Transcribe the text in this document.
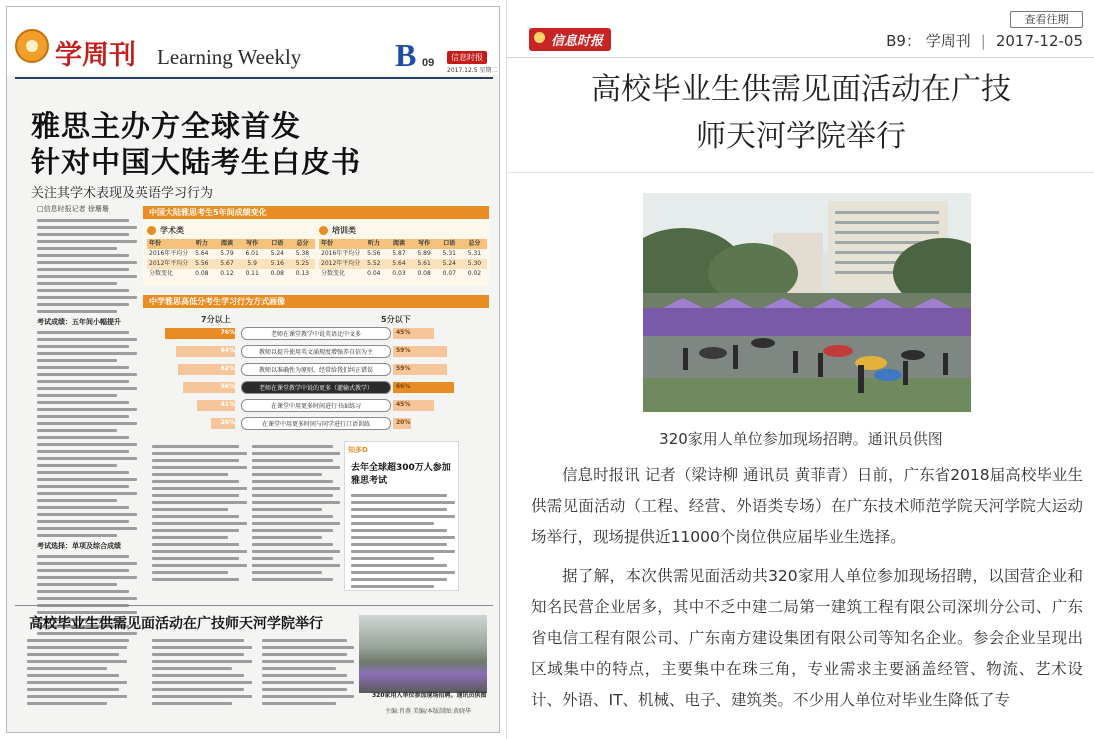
学周刊 Learning Weekly	B 09	信息时报
2017.12.5 星期二
雅思主办方全球首发
针对中国大陆考生白皮书
关注其学术表现及英语学习行为
□信息时报记者 徐珊珊
考试成绩：五年间小幅提升
考试选择：单项及综合成绩
中国大陆雅思考生5年间成绩变化
学术类
年份	听力	阅读	写作	口语	总分
2016年平均分	5.64	5.79	6.01	5.24	5.38
2012年平均分	5.56	5.67	5.9	5.16	5.25
分数变化	0.08	0.12	0.11	0.08	0.13
培训类
年份	听力	阅读	写作	口语	总分
2016年平均分	5.56	5.87	5.89	5.31	5.31
2012年平均分	5.52	5.64	5.61	5.24	5.30
分数变化	0.04	0.03	0.08	0.07	0.02
中学雅思高低分考生学习行为方式画像
7分以上	5分以下
76%	老师在课堂教学中说英语比中文多	45%
64%	教师以提升使用英文涌现度增强养自信为主	59%
62%	教师以准确性为原则，经常给我们纠正错误	59%
56%	老师在课堂教学中说的更多（灌输式教学）	66%
41%	在课堂中用更多时间进行书面练习	45%
26%	在课堂中用更多时间与同学进行口语训练	20%
知多D
去年全球超300万人参加雅思考试
高校毕业生供需见面活动在广技师天河学院举行
320家用人单位参加现场招聘。通讯员供图
主编:肖燕 美编/本版制图:黄晓华
信息时报
查看往期
B9： 学周刊 | 2017-12-05
高校毕业生供需见面活动在广技
师天河学院举行
320家用人单位参加现场招聘。通讯员供图

信息时报讯 记者（梁诗柳 通讯员 黄菲青）日前，广东省2018届高校毕业生供需见面活动（工程、经营、外语类专场）在广东技术师范学院天河学院大运动场举行，现场提供近11000个岗位供应届毕业生选择。

据了解，本次供需见面活动共320家用人单位参加现场招聘，以国营企业和知名民营企业居多，其中不乏中建二局第一建筑工程有限公司深圳分公司、广东省电信工程有限公司、广东南方建设集团有限公司等知名企业。参会企业呈现出区域集中的特点，主要集中在珠三角，专业需求主要涵盖经管、物流、艺术设计、外语、IT、机械、电子、建筑类。不少用人单位对毕业生降低了专
